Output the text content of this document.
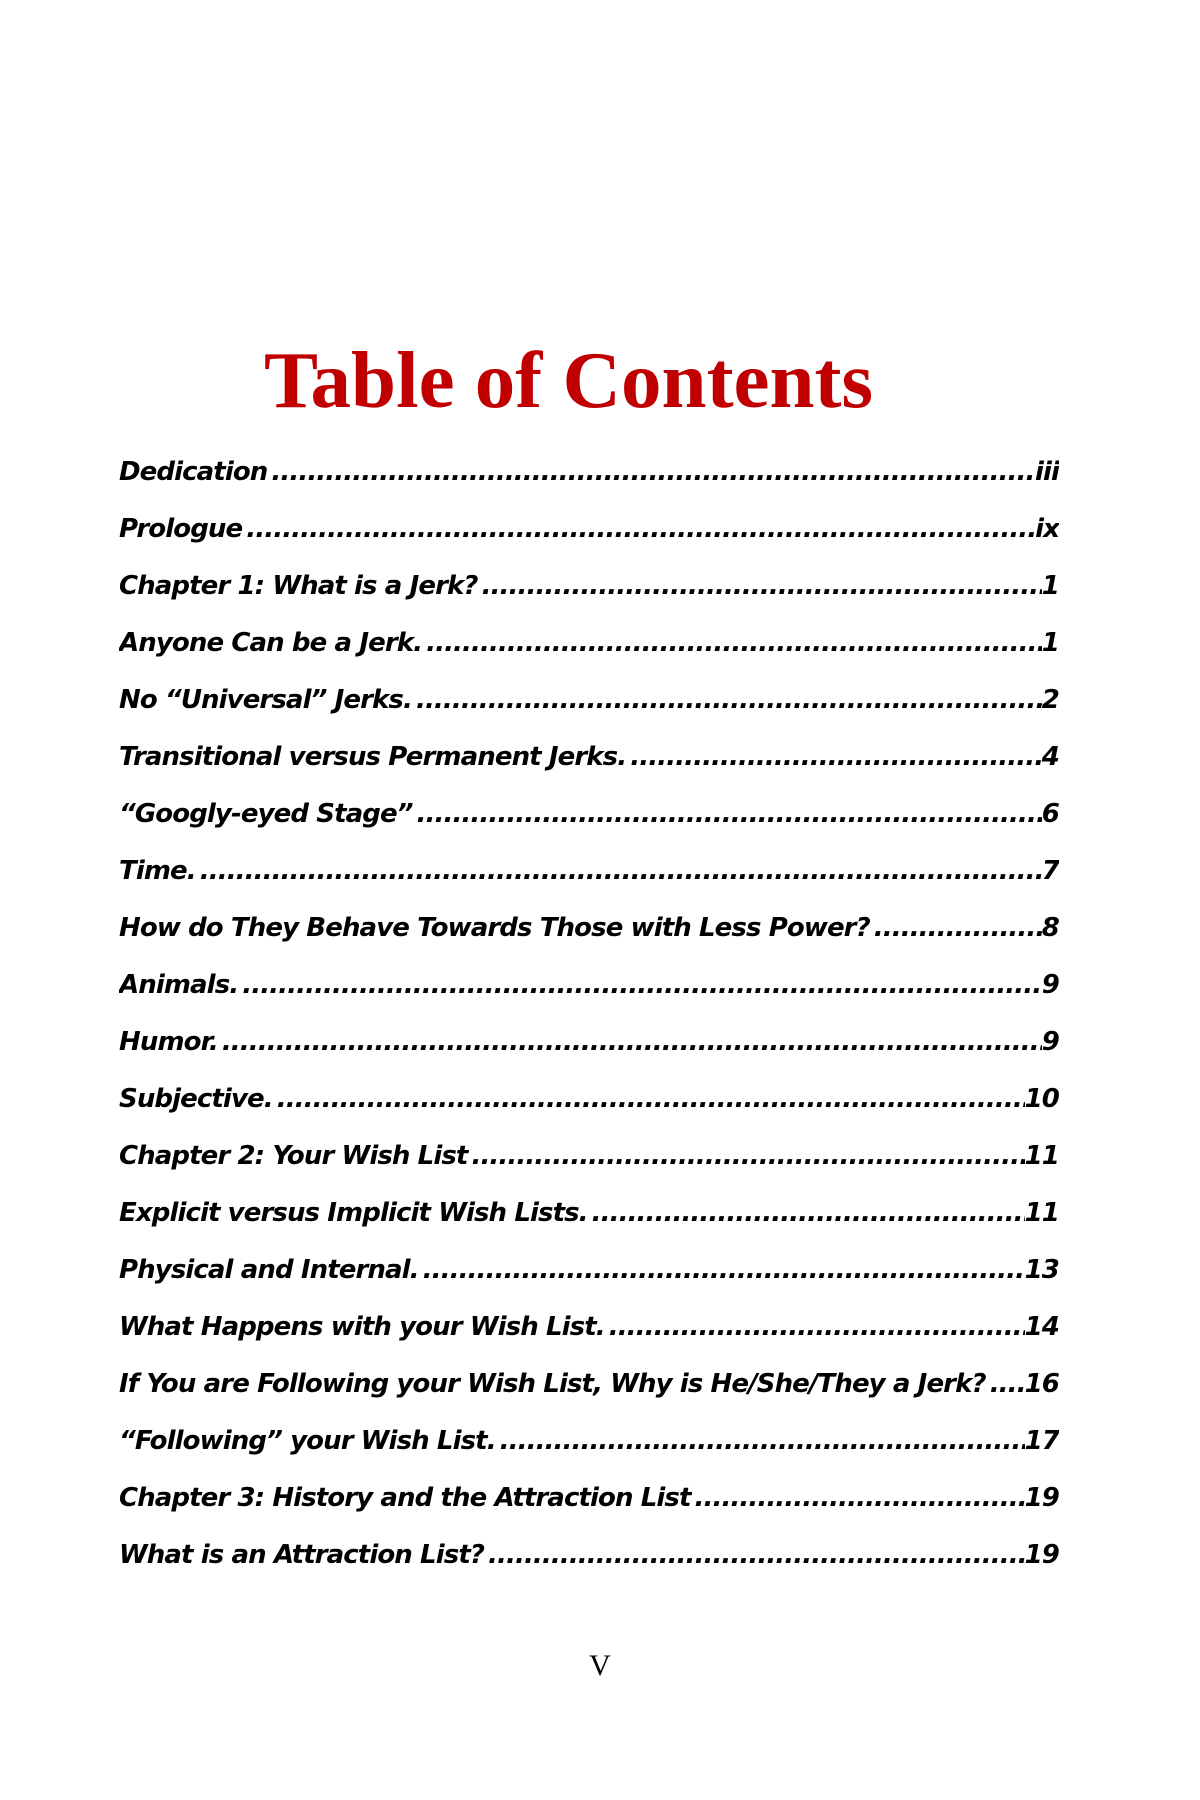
Table of Contents
Dedication .....	iii
Prologue .....	ix
Chapter 1: What is a Jerk? .....	1
Anyone Can be a Jerk. .....	1
No “Universal” Jerks. .....	2
Transitional versus Permanent Jerks. .....	4
“Googly-eyed Stage” .....	6
Time. .....	7
How do They Behave Towards Those with Less Power? .....	8
Animals. .....	9
Humor. .....	9
Subjective. .....	10
Chapter 2: Your Wish List .....	11
Explicit versus Implicit Wish Lists. .....	11
Physical and Internal. .....	13
What Happens with your Wish List. .....	14
If You are Following your Wish List, Why is He/She/They a Jerk? ..... 16
“Following” your Wish List. .....	17
Chapter 3: History and the Attraction List .....	19
What is an Attraction List? .....	19
V
